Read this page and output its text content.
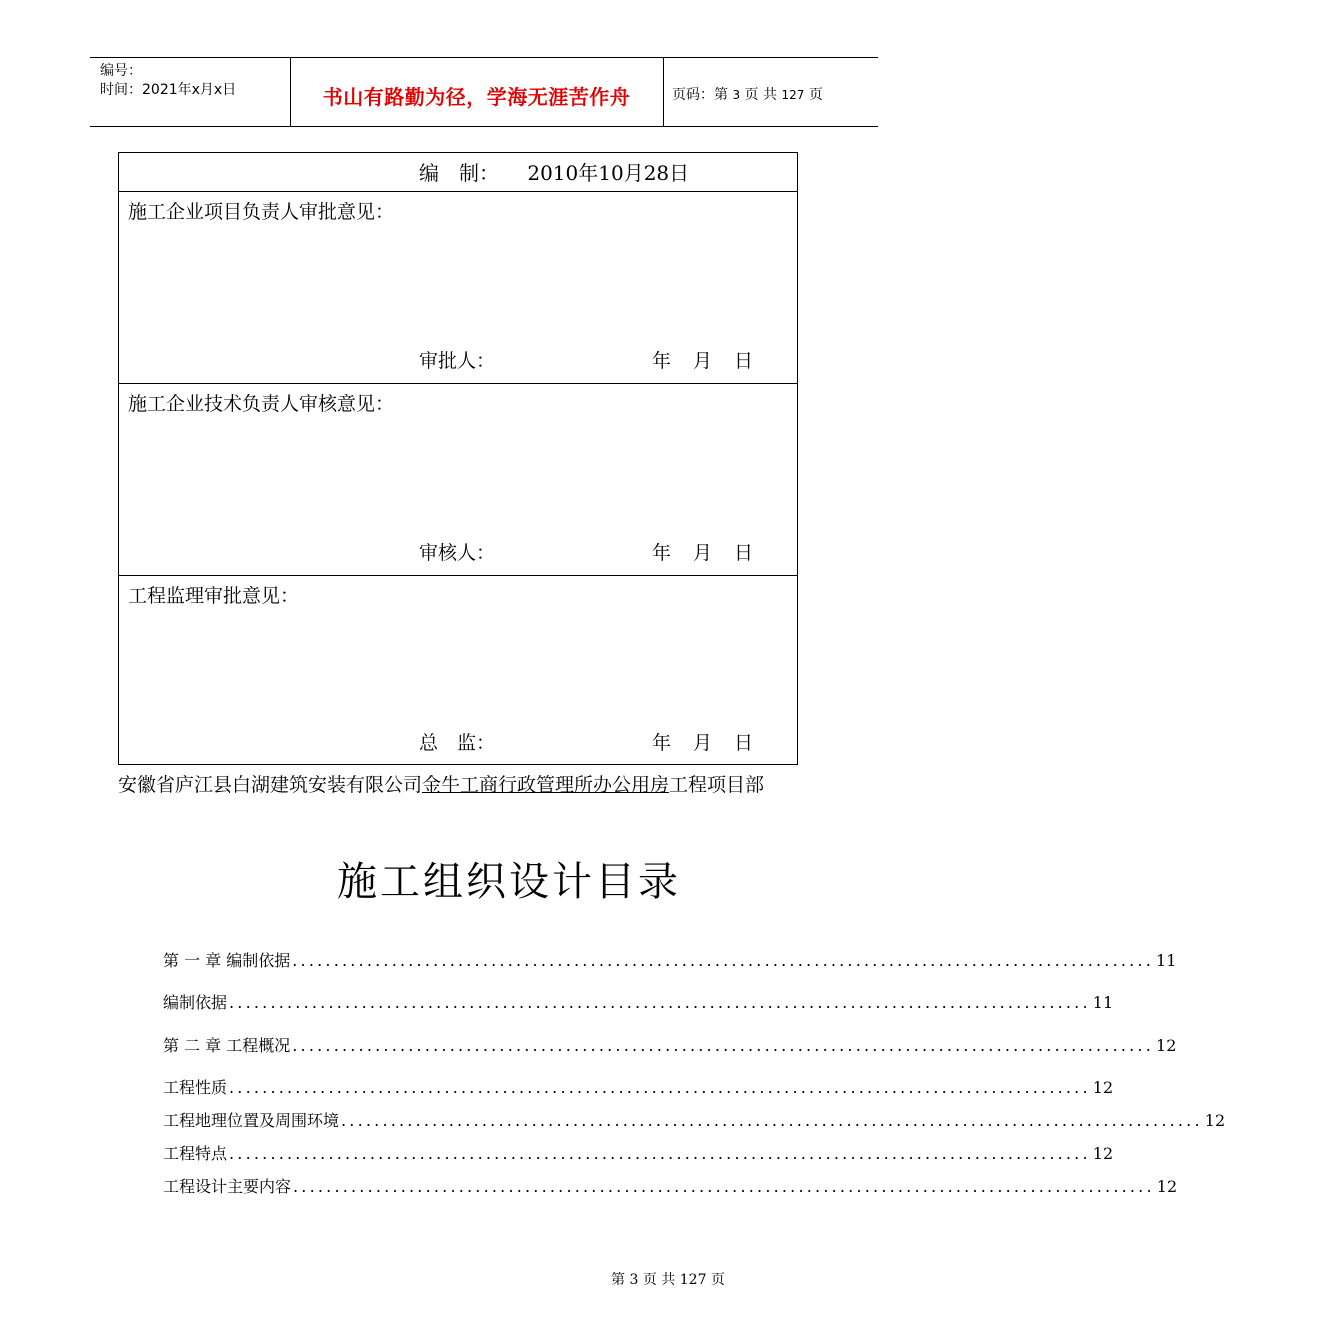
编号：
时间：2021年x月x日	书山有路勤为径，学海无涯苦作舟	页码：第 3 页 共 127 页
编　制： 2010年10月28日
施工企业项目负责人审批意见：
审批人：	年 月 日
施工企业技术负责人审核意见：
审核人：	年 月 日
工程监理审批意见：
总　监：	年 月 日
安徽省庐江县白湖建筑安装有限公司金牛工商行政管理所办公用房工程项目部
施工组织设计目录
第 一 章 编制依据 ........................................................................................................ 11
编制依据 ........................................................................................................ 11
第 二 章 工程概况 ........................................................................................................ 12
工程性质 ........................................................................................................ 12
工程地理位置及周围环境 ........................................................................................................ 12
工程特点 ........................................................................................................ 12
工程设计主要内容 ........................................................................................................ 12
第 3 页 共 127 页
